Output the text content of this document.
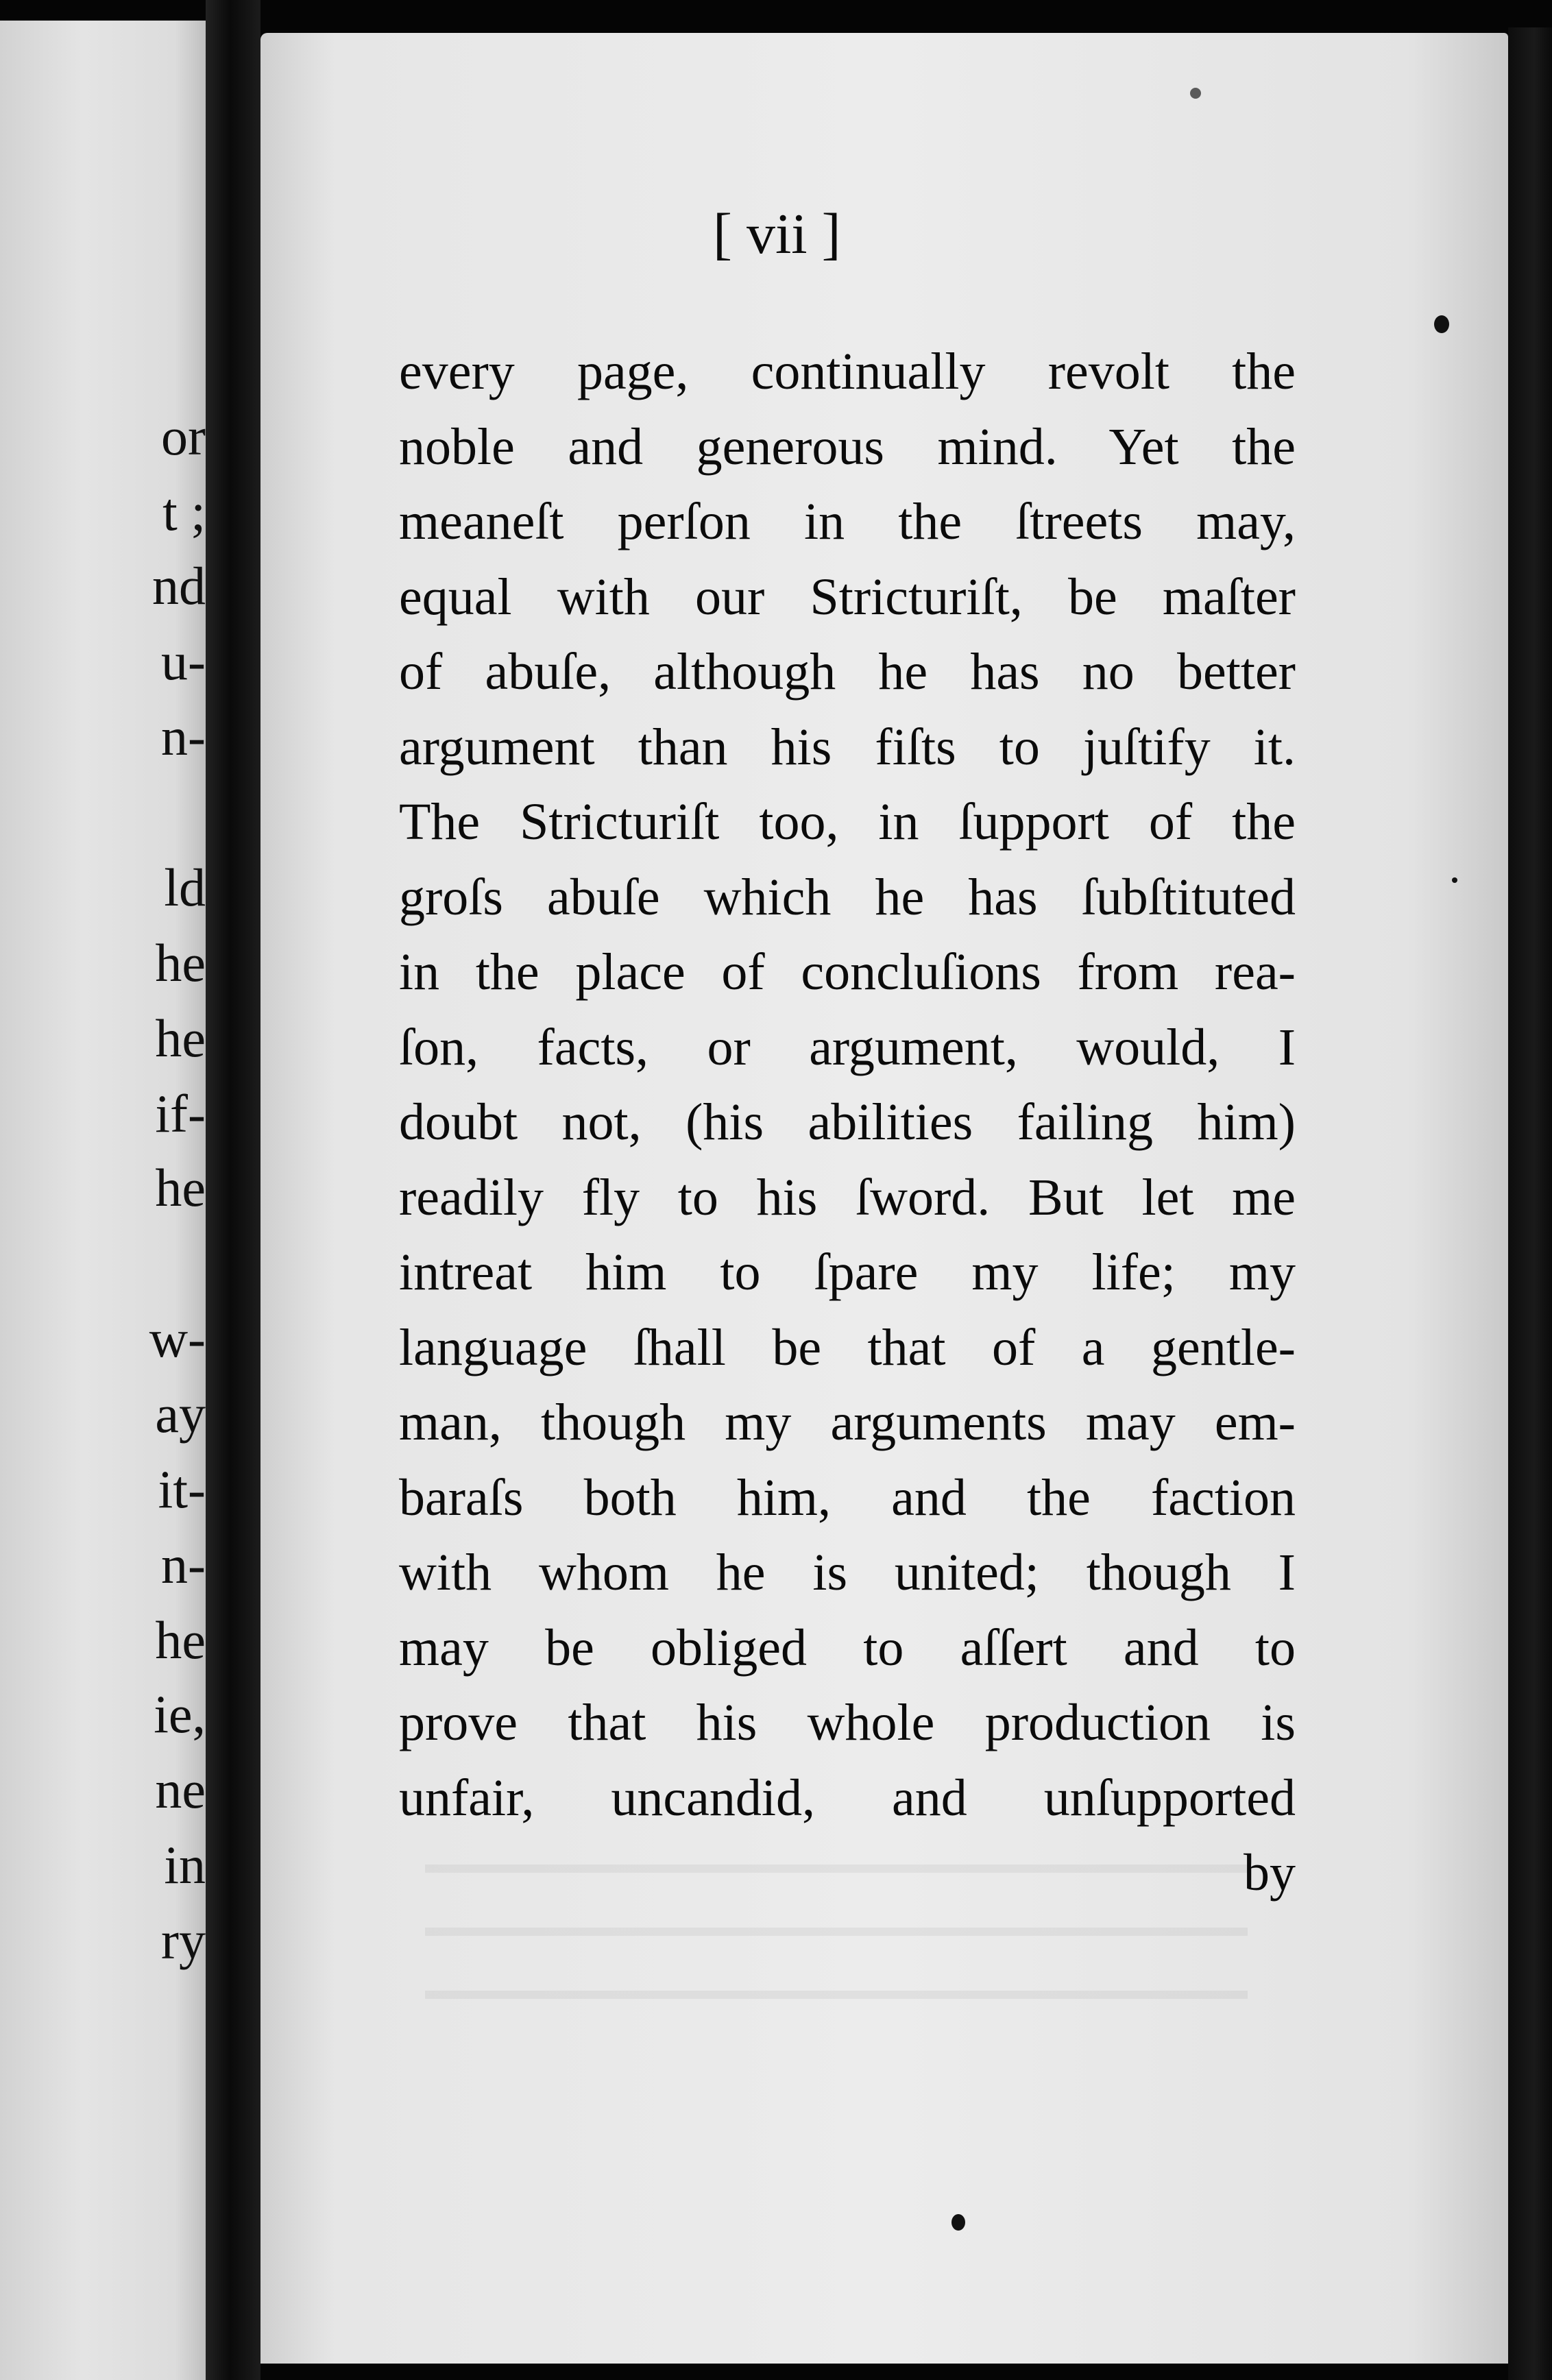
or

t ;

nd

u-

n-

ld

he

he

if-

he

w-

ay

it-

n-

he

ie,

ne

in

ry

[ vii ]

every page, continually revolt the
noble and generous mind. Yet the
meaneſt perſon in the ſtreets may,
equal with our Stricturiſt, be maſter
of abuſe, although he has no better
argument than his fiſts to juſtify it.
The Stricturiſt too, in ſupport of the
groſs abuſe which he has ſubſtituted
in the place of concluſions from rea-
ſon, facts, or argument, would, I
doubt not, (his abilities failing him)
readily fly to his ſword. But let me
intreat him to ſpare my life; my
language ſhall be that of a gentle-
man, though my arguments may em-
baraſs both him, and the faction
with whom he is united; though I
may be obliged to aſſert and to
prove that his whole production is
unfair, uncandid, and unſupported
by
